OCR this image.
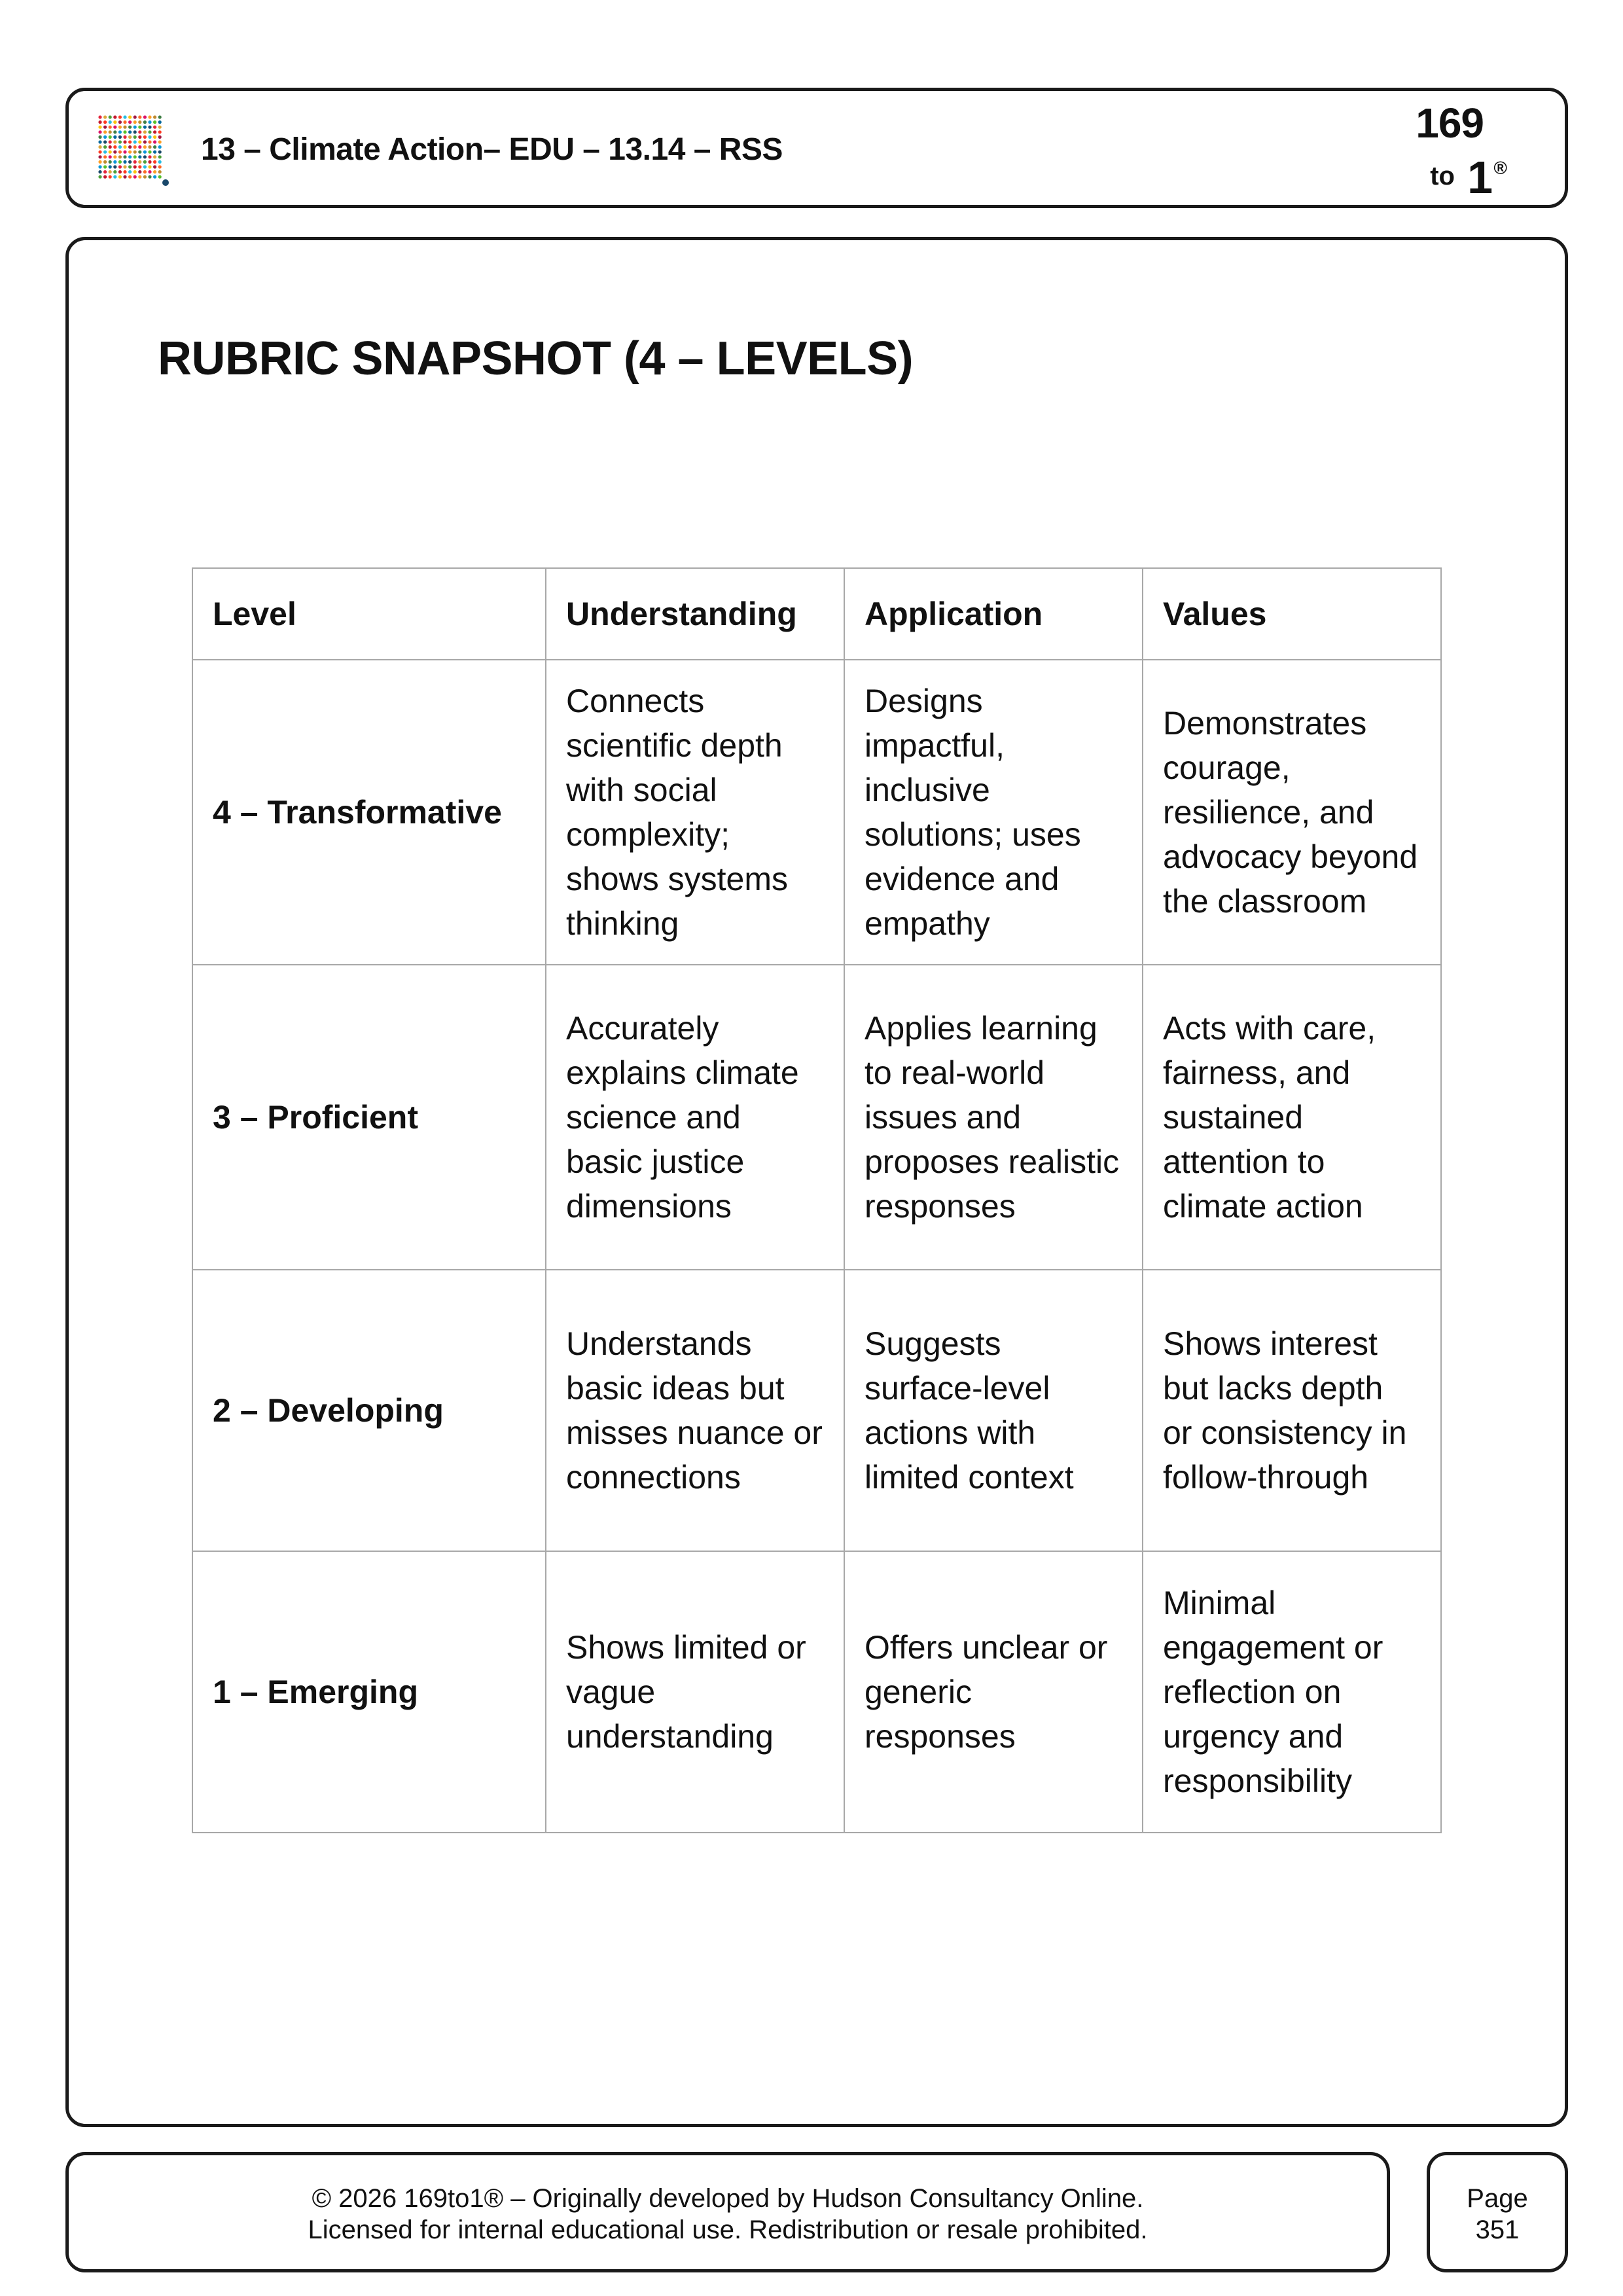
13 – Climate Action– EDU – 13.14 – RSS
169
to 1 ®
RUBRIC SNAPSHOT (4 – LEVELS)
Level	Understanding	Application	Values
4 – Transformative	Connects scientific depth with social complexity; shows systems thinking	Designs impactful, inclusive solutions; uses evidence and empathy	Demonstrates courage, resilience, and advocacy beyond the classroom
3 – Proficient	Accurately explains climate science and basic justice dimensions	Applies learning to real-world issues and proposes realistic responses	Acts with care, fairness, and sustained attention to climate action
2 – Developing	Understands basic ideas but misses nuance or connections	Suggests surface-level actions with limited context	Shows interest but lacks depth or consistency in follow-through
1 – Emerging	Shows limited or vague understanding	Offers unclear or generic responses	Minimal engagement or reflection on urgency and responsibility
© 2026 169to1® – Originally developed by Hudson Consultancy Online.
Licensed for internal educational use. Redistribution or resale prohibited.
Page
351
